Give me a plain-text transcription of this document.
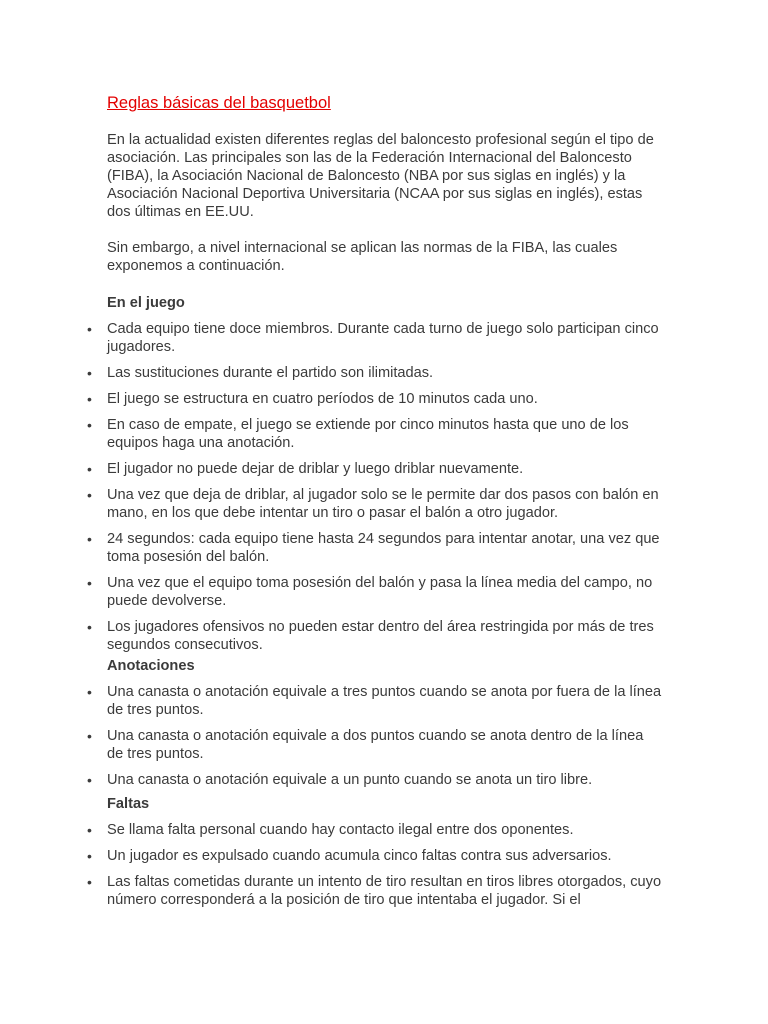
Reglas básicas del basquetbol

En la actualidad existen diferentes reglas del baloncesto profesional según el tipo de asociación. Las principales son las de la Federación Internacional del Baloncesto (FIBA), la Asociación Nacional de Baloncesto (NBA por sus siglas en inglés) y la Asociación Nacional Deportiva Universitaria (NCAA por sus siglas en inglés), estas dos últimas en EE.UU.

Sin embargo, a nivel internacional se aplican las normas de la FIBA, las cuales exponemos a continuación.

En el juego
• Cada equipo tiene doce miembros. Durante cada turno de juego solo participan cinco jugadores.
• Las sustituciones durante el partido son ilimitadas.
• El juego se estructura en cuatro períodos de 10 minutos cada uno.
• En caso de empate, el juego se extiende por cinco minutos hasta que uno de los equipos haga una anotación.
• El jugador no puede dejar de driblar y luego driblar nuevamente.
• Una vez que deja de driblar, al jugador solo se le permite dar dos pasos con balón en mano, en los que debe intentar un tiro o pasar el balón a otro jugador.
• 24 segundos: cada equipo tiene hasta 24 segundos para intentar anotar, una vez que toma posesión del balón.
• Una vez que el equipo toma posesión del balón y pasa la línea media del campo, no puede devolverse.
• Los jugadores ofensivos no pueden estar dentro del área restringida por más de tres segundos consecutivos.
Anotaciones
• Una canasta o anotación equivale a tres puntos cuando se anota por fuera de la línea de tres puntos.
• Una canasta o anotación equivale a dos puntos cuando se anota dentro de la línea de tres puntos.
• Una canasta o anotación equivale a un punto cuando se anota un tiro libre.
Faltas
• Se llama falta personal cuando hay contacto ilegal entre dos oponentes.
• Un jugador es expulsado cuando acumula cinco faltas contra sus adversarios.
• Las faltas cometidas durante un intento de tiro resultan en tiros libres otorgados, cuyo número corresponderá a la posición de tiro que intentaba el jugador. Si el
